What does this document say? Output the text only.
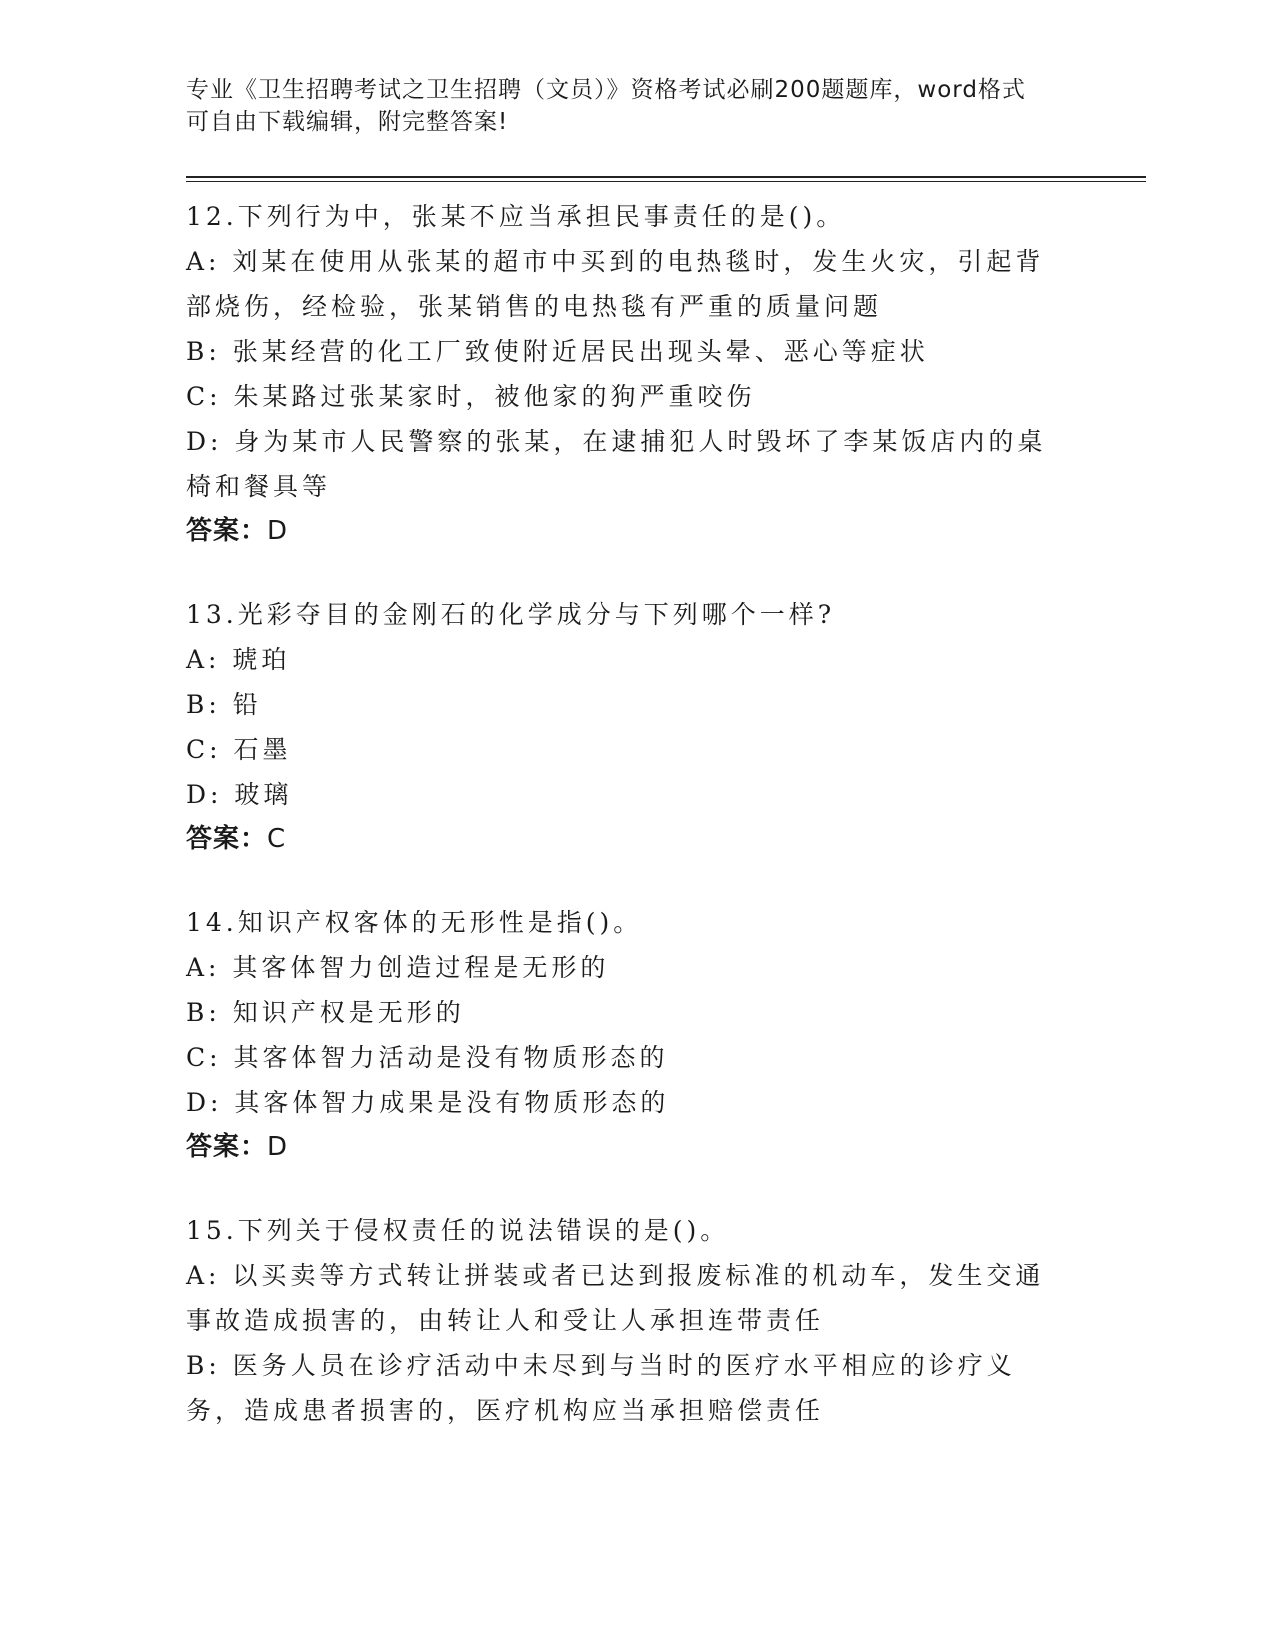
专业《卫生招聘考试之卫生招聘（文员）》资格考试必刷200题题库，word格式
可自由下载编辑，附完整答案!
12.下列行为中，张某不应当承担民事责任的是()。
A: 刘某在使用从张某的超市中买到的电热毯时，发生火灾，引起背部烧伤，经检验，张某销售的电热毯有严重的质量问题
B: 张某经营的化工厂致使附近居民出现头晕、恶心等症状
C: 朱某路过张某家时，被他家的狗严重咬伤
D: 身为某市人民警察的张某，在逮捕犯人时毁坏了李某饭店内的桌椅和餐具等
答案：D
13.光彩夺目的金刚石的化学成分与下列哪个一样?
A: 琥珀
B: 铅
C: 石墨
D: 玻璃
答案：C
14.知识产权客体的无形性是指()。
A: 其客体智力创造过程是无形的
B: 知识产权是无形的
C: 其客体智力活动是没有物质形态的
D: 其客体智力成果是没有物质形态的
答案：D
15.下列关于侵权责任的说法错误的是()。
A: 以买卖等方式转让拼装或者已达到报废标准的机动车，发生交通事故造成损害的，由转让人和受让人承担连带责任
B: 医务人员在诊疗活动中未尽到与当时的医疗水平相应的诊疗义务，造成患者损害的，医疗机构应当承担赔偿责任
